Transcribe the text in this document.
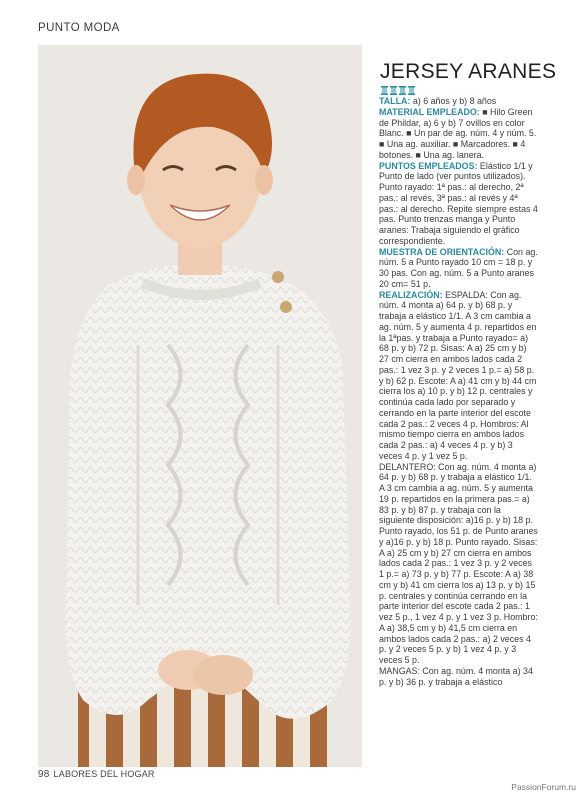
PUNTO MODA
JERSEY ARANES

TALLA: a) 6 años y b) 8 años

MATERIAL EMPLEADO: ■ Hilo Green de Phildar, a) 6 y b) 7 ovillos en color Blanc. ■ Un par de ag. núm. 4 y núm. 5. ■ Una ag. auxiliar. ■ Marcadores. ■ 4 botones. ■ Una ag. lanera.

PUNTOS EMPLEADOS: Elástico 1/1 y Punto de lado (ver puntos utilizados). Punto rayado: 1ª pas.: al derecho, 2ª pas.: al revés, 3ª pas.: al revés y 4ª pas.: al derecho. Repite siempre estas 4 pas. Punto trenzas manga y Punto aranes: Trabaja siguiendo el gráfico correspondiente.

MUESTRA DE ORIENTACIÓN: Con ag. núm. 5 a Punto rayado 10 cm = 18 p. y 30 pas. Con ag. núm. 5 a Punto aranes 20 cm= 51 p.

REALIZACIÓN: ESPALDA: Con ag. núm. 4 monta a) 64 p. y b) 68 p. y trabaja a elástico 1/1. A 3 cm cambia a ag. núm. 5 y aumenta 4 p. repartidos en la 1ªpas. y trabaja a Punto rayado= a) 68 p. y b) 72 p. Sisas: A a) 25 cm y b) 27 cm cierra en ambos lados cada 2 pas.: 1 vez 3 p. y 2 veces 1 p.= a) 58 p. y b) 62 p. Escote: A a) 41 cm y b) 44 cm cierra los a) 10 p. y b) 12 p. centrales y continúa cada lado por separado y cerrando en la parte interior del escote cada 2 pas.: 2 veces 4 p. Hombros: Al mismo tiempo cierra en ambos lados cada 2 pas.: a) 4 veces 4 p. y b) 3 veces 4 p. y 1 vez 5 p.

DELANTERO: Con ag. núm. 4 monta a) 64 p. y b) 68 p. y trabaja a elástico 1/1. A 3 cm cambia a ag. núm. 5 y aumenta 19 p. repartidos en la primera pas.= a) 83 p. y b) 87 p. y trabaja con la siguiente disposición: a)16 p. y b) 18 p. Punto rayado, los 51 p. de Punto aranes y a)16 p. y b) 18 p. Punto rayado. Sisas: A a) 25 cm y b) 27 cm cierra en ambos lados cada 2 pas.: 1 vez 3 p. y 2 veces 1 p.= a) 73 p. y b) 77 p. Escote: A a) 38 cm y b) 41 cm cierra los a) 13 p. y b) 15 p. centrales y continúa cerrando en la parte interior del escote cada 2 pas.: 1 vez 5 p., 1 vez 4 p. y 1 vez 3 p. Hombro: A a) 38,5 cm y b) 41,5 cm cierra en ambos lados cada 2 pas.: a) 2 veces 4 p. y 2 veces 5 p. y b) 1 vez 4 p. y 3 veces 5 p.

MANGAS: Con ag. núm. 4 monta a) 34 p. y b) 36 p. y trabaja a elástico

98 LABORES DEL HOGAR
PassionForum.ru
